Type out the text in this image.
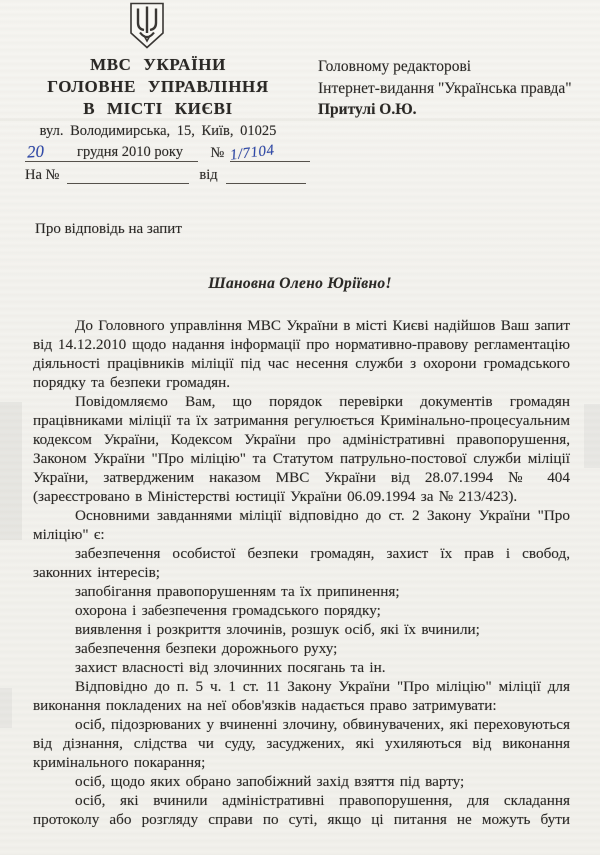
МВС УКРАЇНИ
ГОЛОВНЕ УПРАВЛІННЯ
В МІСТІ КИЄВІ
вул. Володимирська, 15, Київ, 01025
20 грудня 2010 року	№ 1/7104
На №	від
Головному редакторові
Інтернет-видання "Українська правда"
Притулі О.Ю.
Про відповідь на запит
Шановна Олено Юріївно!

До Головного управління МВС України в місті Києві надійшов Ваш запит від 14.12.2010 щодо надання інформації про нормативно-правову регламентацію діяльності працівників міліції під час несення служби з охорони громадського порядку та безпеки громадян.

Повідомляємо Вам, що порядок перевірки документів громадян працівниками міліції та їх затримання регулюється Кримінально-процесуальним кодексом України, Кодексом України про адміністративні правопорушення, Законом України "Про міліцію" та Статутом патрульно-постової служби міліції України, затвердженим наказом МВС України від 28.07.1994 № 404 (зареєстровано в Міністерстві юстиції України 06.09.1994 за № 213/423).

Основними завданнями міліції відповідно до ст. 2 Закону України "Про міліцію" є:

забезпечення особистої безпеки громадян, захист їх прав і свобод, законних інтересів;

запобігання правопорушенням та їх припинення;

охорона і забезпечення громадського порядку;

виявлення і розкриття злочинів, розшук осіб, які їх вчинили;

забезпечення безпеки дорожнього руху;

захист власності від злочинних посягань та ін.

Відповідно до п. 5 ч. 1 ст. 11 Закону України "Про міліцію" міліції для виконання покладених на неї обов'язків надається право затримувати:

осіб, підозрюваних у вчиненні злочину, обвинувачених, які переховуються від дізнання, слідства чи суду, засуджених, які ухиляються від виконання кримінального покарання;

осіб, щодо яких обрано запобіжний захід взяття під варту;

осіб, які вчинили адміністративні правопорушення, для складання протоколу або розгляду справи по суті, якщо ці питання не можуть бути
